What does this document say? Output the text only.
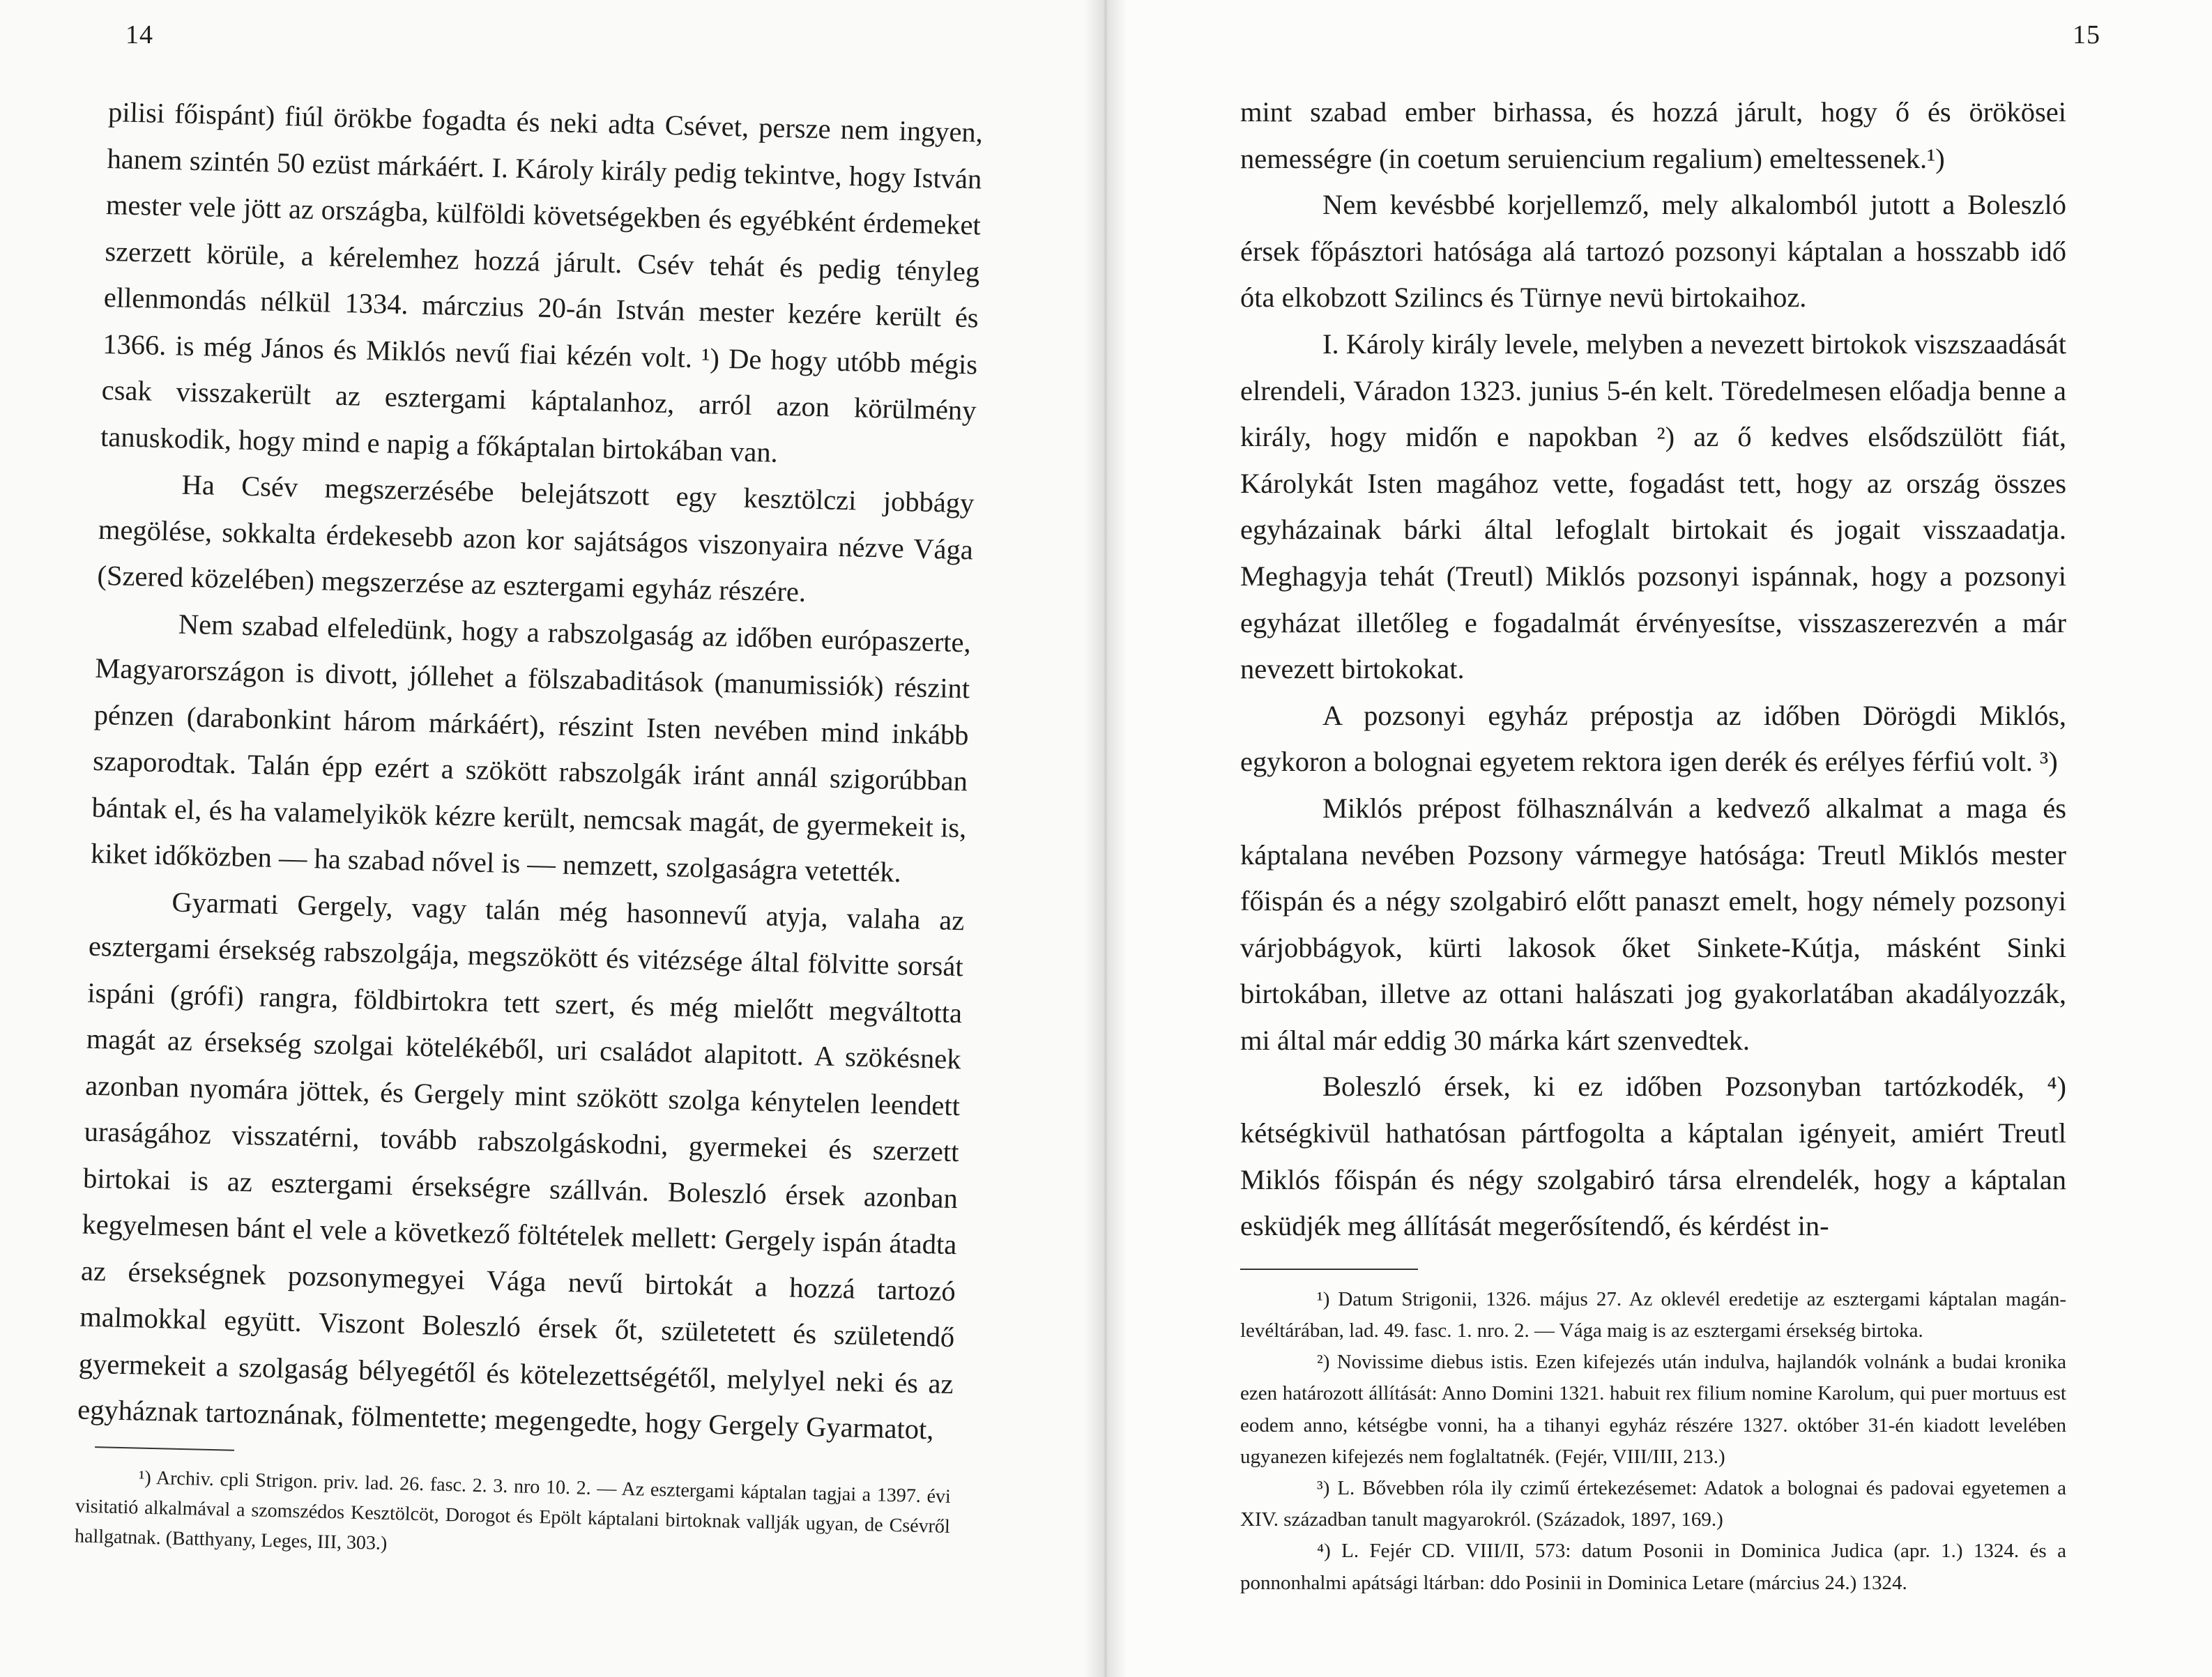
14

pilisi főispánt) fiúl örökbe fogadta és neki adta Csévet, persze nem ingyen, hanem szintén 50 ezüst márkáért. I. Károly király pedig tekintve, hogy István mester vele jött az országba, külföldi követségekben és egyébként érdemeket szerzett körüle, a kérelemhez hozzá járult. Csév tehát és pedig tényleg ellenmondás nélkül 1334. márczius 20-án István mester kezére került és 1366. is még János és Miklós nevű fiai kézén volt. ¹) De hogy utóbb mégis csak visszakerült az esztergami káptalanhoz, arról azon körülmény tanuskodik, hogy mind e napig a főkáptalan birtokában van.

Ha Csév megszerzésébe belejátszott egy kesztölczi jobbágy megölése, sokkalta érdekesebb azon kor sajátságos viszonyaira nézve Vága (Szered közelében) megszerzése az esztergami egyház részére.

Nem szabad elfeledünk, hogy a rabszolgaság az időben európaszerte, Magyarországon is divott, jóllehet a fölszabaditások (manumissiók) részint pénzen (darabonkint három márkáért), részint Isten nevében mind inkább szaporodtak. Talán épp ezért a szökött rabszolgák iránt annál szigorúbban bántak el, és ha valamelyikök kézre került, nemcsak magát, de gyermekeit is, kiket időközben — ha szabad nővel is — nemzett, szolgaságra vetették.

Gyarmati Gergely, vagy talán még hasonnevű atyja, valaha az esztergami érsekség rabszolgája, megszökött és vitézsége által fölvitte sorsát ispáni (grófi) rangra, földbirtokra tett szert, és még mielőtt megváltotta magát az érsekség szolgai kötelékéből, uri családot alapitott. A szökésnek azonban nyomára jöttek, és Gergely mint szökött szolga kénytelen leendett uraságához visszatérni, tovább rabszolgáskodni, gyermekei és szerzett birtokai is az esztergami érsekségre szállván. Boleszló érsek azonban kegyelmesen bánt el vele a következő föltételek mellett: Gergely ispán átadta az érsekségnek pozsonymegyei Vága nevű birtokát a hozzá tartozó malmokkal együtt. Viszont Boleszló érsek őt, születetett és születendő gyermekeit a szolgaság bélyegétől és kötelezettségétől, melylyel neki és az egyháznak tartoznának, fölmentette; megengedte, hogy Gergely Gyarmatot,

¹) Archiv. cpli Strigon. priv. lad. 26. fasc. 2. 3. nro 10. 2. — Az esztergami káptalan tagjai a 1397. évi visitatió alkalmával a szomszédos Kesztölcöt, Dorogot és Epölt káptalani birtoknak vallják ugyan, de Csévről hallgatnak. (Batthyany, Leges, III, 303.)

15

mint szabad ember birhassa, és hozzá járult, hogy ő és örökösei nemességre (in coetum seruiencium regalium) emeltessenek.¹)

Nem kevésbbé korjellemző, mely alkalomból jutott a Boleszló érsek főpásztori hatósága alá tartozó pozsonyi káptalan a hosszabb idő óta elkobzott Szilincs és Türnye nevü birtokaihoz.

I. Károly király levele, melyben a nevezett birtokok viszszaadását elrendeli, Váradon 1323. junius 5-én kelt. Töredelmesen előadja benne a király, hogy midőn e napokban ²) az ő kedves elsődszülött fiát, Károlykát Isten magához vette, fogadást tett, hogy az ország összes egyházainak bárki által lefoglalt birtokait és jogait visszaadatja. Meghagyja tehát (Treutl) Miklós pozsonyi ispánnak, hogy a pozsonyi egyházat illetőleg e fogadalmát érvényesítse, visszaszerezvén a már nevezett birtokokat.

A pozsonyi egyház prépostja az időben Dörögdi Miklós, egykoron a bolognai egyetem rektora igen derék és erélyes férfiú volt. ³)

Miklós prépost fölhasználván a kedvező alkalmat a maga és káptalana nevében Pozsony vármegye hatósága: Treutl Miklós mester főispán és a négy szolgabiró előtt panaszt emelt, hogy némely pozsonyi várjobbágyok, kürti lakosok őket Sinkete-Kútja, másként Sinki birtokában, illetve az ottani halászati jog gyakorlatában akadályozzák, mi által már eddig 30 márka kárt szenvedtek.

Boleszló érsek, ki ez időben Pozsonyban tartózkodék, ⁴) kétségkivül hathatósan pártfogolta a káptalan igényeit, amiért Treutl Miklós főispán és négy szolgabiró társa elrendelék, hogy a káptalan esküdjék meg állítását megerősítendő, és kérdést in-

¹) Datum Strigonii, 1326. május 27. Az oklevél eredetije az esztergami káptalan magán-levéltárában, lad. 49. fasc. 1. nro. 2. — Vága maig is az esztergami érsekség birtoka.

²) Novissime diebus istis. Ezen kifejezés után indulva, hajlandók volnánk a budai kronika ezen határozott állítását: Anno Domini 1321. habuit rex filium nomine Karolum, qui puer mortuus est eodem anno, kétségbe vonni, ha a tihanyi egyház részére 1327. október 31-én kiadott levelében ugyanezen kifejezés nem foglaltatnék. (Fejér, VIII/III, 213.)

³) L. Bővebben róla ily czimű értekezésemet: Adatok a bolognai és padovai egyetemen a XIV. században tanult magyarokról. (Századok, 1897, 169.)

⁴) L. Fejér CD. VIII/II, 573: datum Posonii in Dominica Judica (apr. 1.) 1324. és a ponnonhalmi apátsági ltárban: ddo Posinii in Dominica Letare (március 24.) 1324.
